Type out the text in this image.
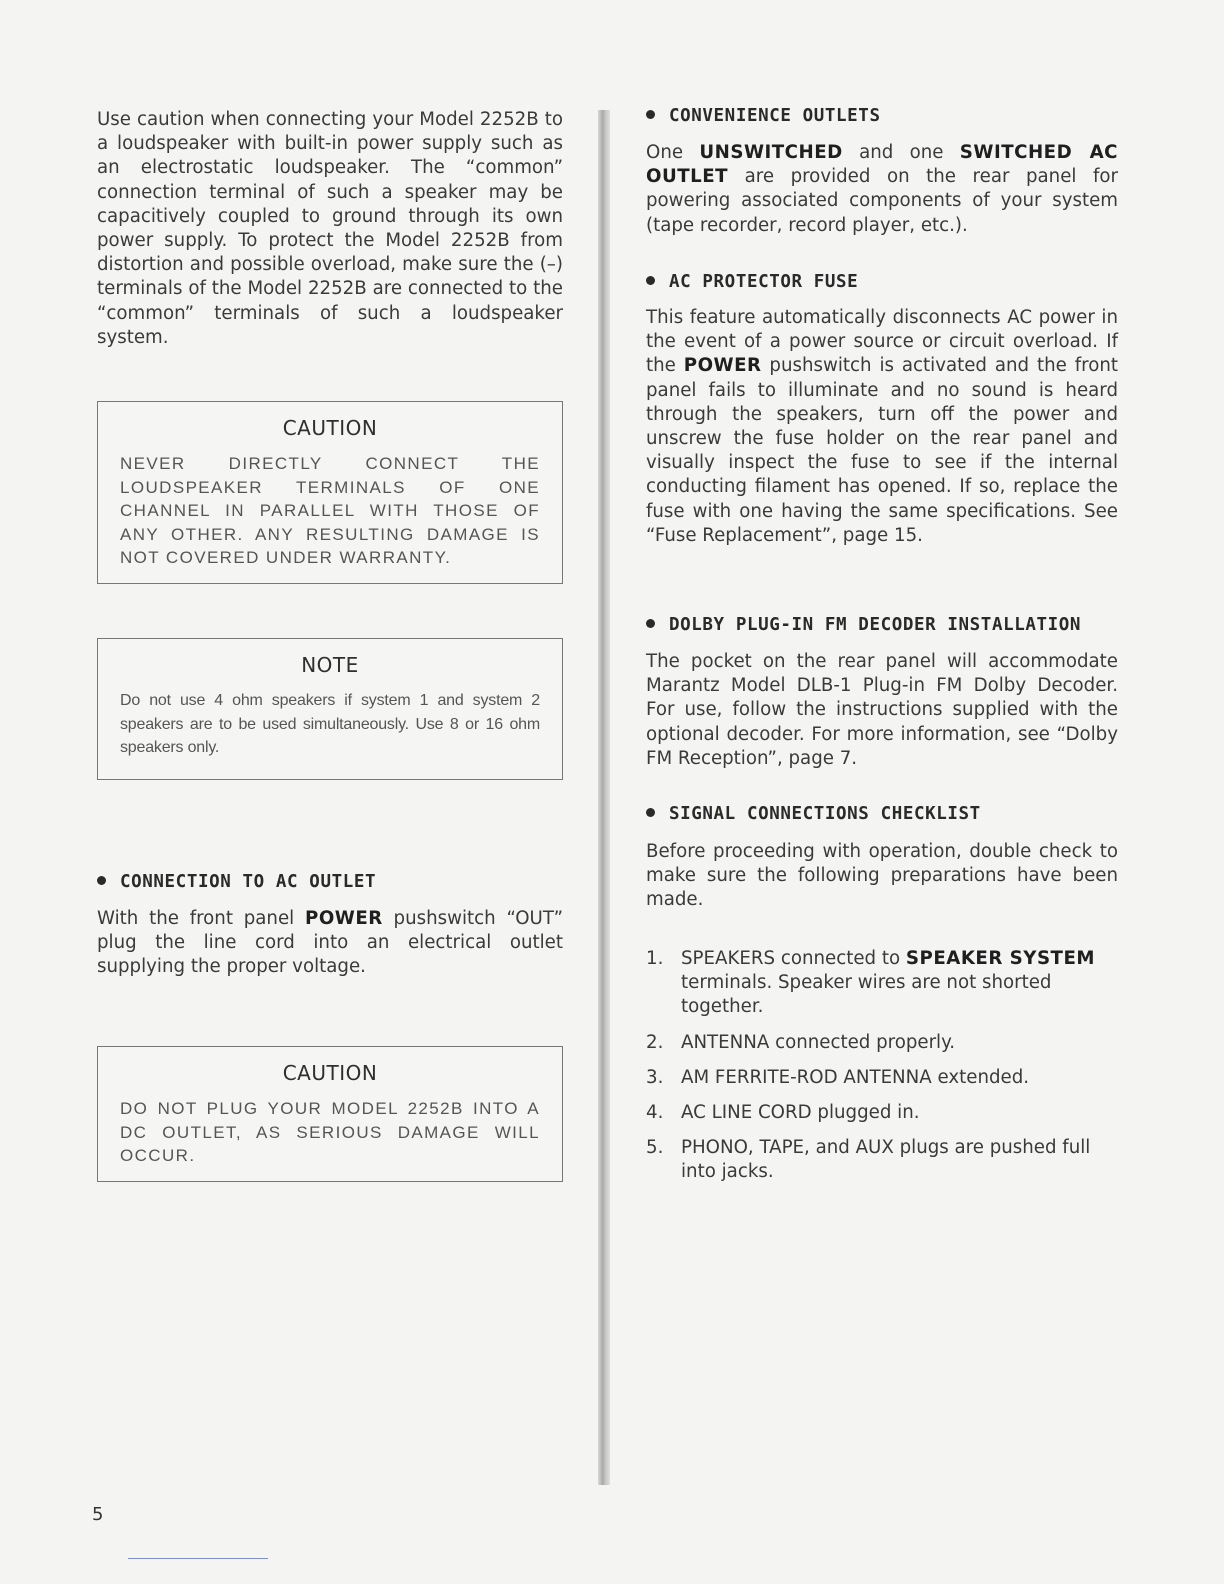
Use caution when connecting your Model 2252B to a loudspeaker with built-in power supply such as an electrostatic loudspeaker. The “common” connection terminal of such a speaker may be capacitively coupled to ground through its own power supply. To protect the Model 2252B from distortion and possible overload, make sure the (–) terminals of the Model 2252B are connected to the “common” terminals of such a loudspeaker system.

CAUTION

NEVER DIRECTLY CONNECT THE LOUDSPEAKER TERMINALS OF ONE CHANNEL IN PARALLEL WITH THOSE OF ANY OTHER. ANY RESULTING DAMAGE IS NOT COVERED UNDER WARRANTY.

NOTE

Do not use 4 ohm speakers if system 1 and system 2 speakers are to be used simultaneously. Use 8 or 16 ohm speakers only.

CONNECTION TO AC OUTLET

With the front panel POWER pushswitch “OUT” plug the line cord into an electrical outlet supplying the proper voltage.

CAUTION

DO NOT PLUG YOUR MODEL 2252B INTO A DC OUTLET, AS SERIOUS DAMAGE WILL OCCUR.

CONVENIENCE OUTLETS

One UNSWITCHED and one SWITCHED AC OUTLET are provided on the rear panel for powering associated components of your system (tape recorder, record player, etc.).

AC PROTECTOR FUSE

This feature automatically disconnects AC power in the event of a power source or circuit overload. If the POWER pushswitch is activated and the front panel fails to illuminate and no sound is heard through the speakers, turn off the power and unscrew the fuse holder on the rear panel and visually inspect the fuse to see if the internal conducting filament has opened. If so, replace the fuse with one having the same specifications. See “Fuse Replacement”, page 15.

DOLBY PLUG-IN FM DECODER INSTALLATION

The pocket on the rear panel will accommodate Marantz Model DLB-1 Plug-in FM Dolby Decoder. For use, follow the instructions supplied with the optional decoder. For more information, see “Dolby FM Reception”, page 7.

SIGNAL CONNECTIONS CHECKLIST

Before proceeding with operation, double check to make sure the following preparations have been made.

1. SPEAKERS connected to SPEAKER SYSTEM terminals. Speaker wires are not shorted together.
2. ANTENNA connected properly.
3. AM FERRITE-ROD ANTENNA extended.
4. AC LINE CORD plugged in.
5. PHONO, TAPE, and AUX plugs are pushed full into jacks.
5
